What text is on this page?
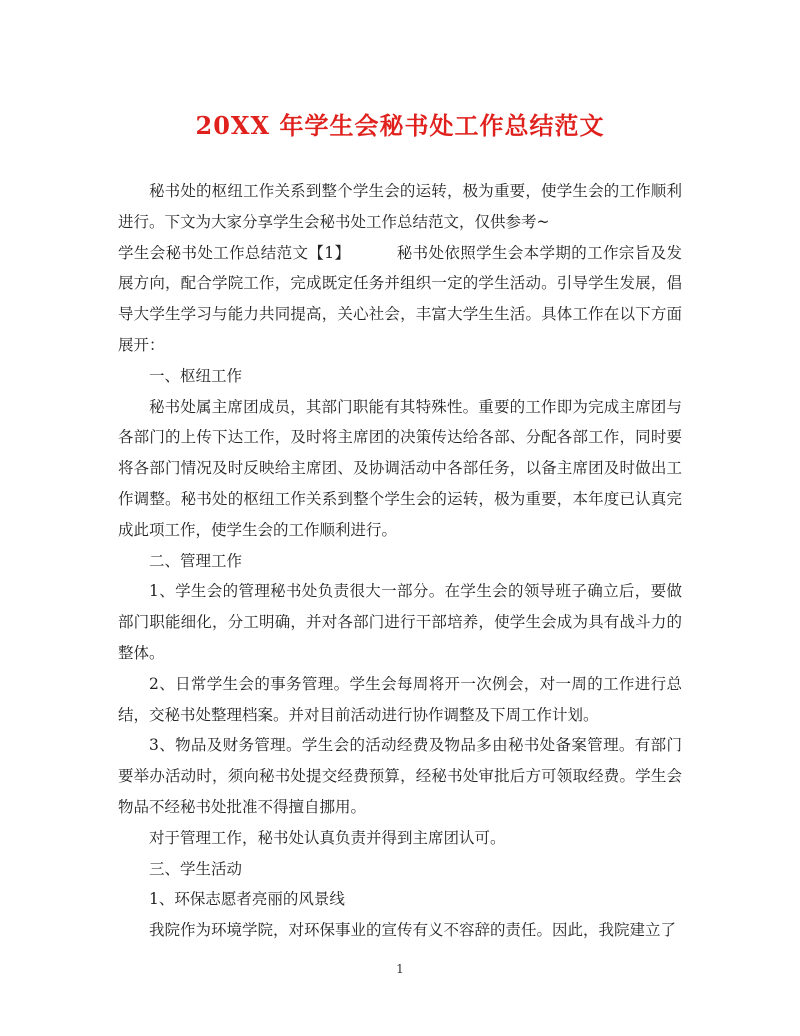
20XX 年学生会秘书处工作总结范文

秘书处的枢纽工作关系到整个学生会的运转，极为重要，使学生会的工作顺利进行。下文为大家分享学生会秘书处工作总结范文，仅供参考~

学生会秘书处工作总结范文【1】	秘书处依照学生会本学期的工作宗旨及发展方向，配合学院工作，完成既定任务并组织一定的学生活动。引导学生发展，倡导大学生学习与能力共同提高，关心社会，丰富大学生生活。具体工作在以下方面展开：

一、枢纽工作

秘书处属主席团成员，其部门职能有其特殊性。重要的工作即为完成主席团与各部门的上传下达工作，及时将主席团的决策传达给各部、分配各部工作，同时要将各部门情况及时反映给主席团、及协调活动中各部任务，以备主席团及时做出工作调整。秘书处的枢纽工作关系到整个学生会的运转，极为重要，本年度已认真完成此项工作，使学生会的工作顺利进行。

二、管理工作

1、学生会的管理秘书处负责很大一部分。在学生会的领导班子确立后，要做部门职能细化，分工明确，并对各部门进行干部培养，使学生会成为具有战斗力的整体。

2、日常学生会的事务管理。学生会每周将开一次例会，对一周的工作进行总结，交秘书处整理档案。并对目前活动进行协作调整及下周工作计划。

3、物品及财务管理。学生会的活动经费及物品多由秘书处备案管理。有部门要举办活动时，须向秘书处提交经费预算，经秘书处审批后方可领取经费。学生会物品不经秘书处批准不得擅自挪用。

对于管理工作，秘书处认真负责并得到主席团认可。

三、学生活动

1、环保志愿者亮丽的风景线

我院作为环境学院，对环保事业的宣传有义不容辞的责任。因此，我院建立了

1
